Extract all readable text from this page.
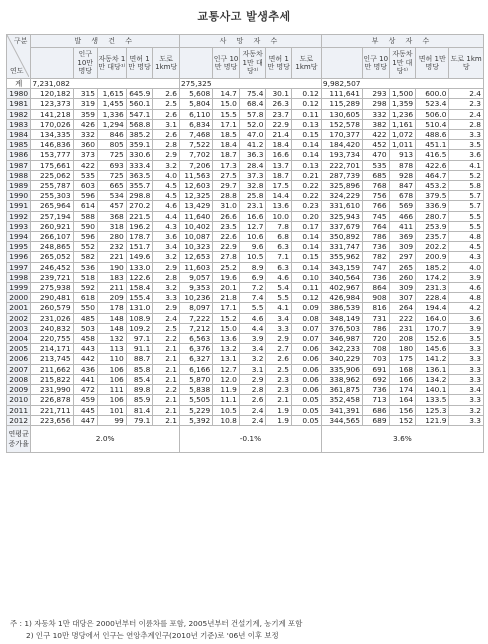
교통사고 발생추세
구분
연도	발 생 건 수					사 망 자 수					부 상 자 수				
		인구 10만 명당	자동차 1만 대당¹⁾	면허 1만 명당	도로 1km당		인구 10만 명당	자동차 1만 대당¹⁾	면허 1만 명당	도로 1km당		인구 10만 명당	자동차 1만 대당¹⁾	면허 1만 명당	도로 1km당
계	7,231,082					275,325					9,982,507				
1980	120,182	315	1,615	645.9	2.6	5,608	14.7	75.4	30.1	0.12	111,641	293	1,500	600.0	2.4
1981	123,373	319	1,455	560.1	2.5	5,804	15.0	68.4	26.3	0.12	115,289	298	1,359	523.4	2.3
1982	141,218	359	1,336	547.1	2.6	6,110	15.5	57.8	23.7	0.11	130,605	332	1,236	506.0	2.4
1983	170,026	426	1,294	568.8	3.1	6,834	17.1	52.0	22.9	0.13	152,578	382	1,161	510.4	2.8
1984	134,335	332	846	385.2	2.6	7,468	18.5	47.0	21.4	0.15	170,377	422	1,072	488.6	3.3
1985	146,836	360	805	359.1	2.8	7,522	18.4	41.2	18.4	0.14	184,420	452	1,011	451.1	3.5
1986	153,777	373	725	330.6	2.9	7,702	18.7	36.3	16.6	0.14	193,734	470	913	416.5	3.6
1987	175,661	422	693	333.4	3.2	7,206	17.3	28.4	13.7	0.13	222,701	535	878	422.6	4.1
1988	225,062	535	725	363.5	4.0	11,563	27.5	37.3	18.7	0.21	287,739	685	928	464.7	5.2
1989	255,787	603	665	355.7	4.5	12,603	29.7	32.8	17.5	0.22	325,896	768	847	453.2	5.8
1990	255,303	596	534	298.8	4.5	12,325	28.8	25.8	14.4	0.22	324,229	756	678	379.5	5.7
1991	265,964	614	457	270.2	4.6	13,429	31.0	23.1	13.6	0.23	331,610	766	569	336.9	5.7
1992	257,194	588	368	221.5	4.4	11,640	26.6	16.6	10.0	0.20	325,943	745	466	280.7	5.5
1993	260,921	590	318	196.2	4.3	10,402	23.5	12.7	7.8	0.17	337,679	764	411	253.9	5.5
1994	266,107	596	280	178.7	3.6	10,087	22.6	10.6	6.8	0.14	350,892	786	369	235.7	4.8
1995	248,865	552	232	151.7	3.4	10,323	22.9	9.6	6.3	0.14	331,747	736	309	202.2	4.5
1996	265,052	582	221	149.6	3.2	12,653	27.8	10.5	7.1	0.15	355,962	782	297	200.9	4.3
1997	246,452	536	190	133.0	2.9	11,603	25.2	8.9	6.3	0.14	343,159	747	265	185.2	4.0
1998	239,721	518	183	122.6	2.8	9,057	19.6	6.9	4.6	0.10	340,564	736	260	174.2	3.9
1999	275,938	592	211	158.4	3.2	9,353	20.1	7.2	5.4	0.11	402,967	864	309	231.3	4.6
2000	290,481	618	209	155.4	3.3	10,236	21.8	7.4	5.5	0.12	426,984	908	307	228.4	4.8
2001	260,579	550	178	131.0	2.9	8,097	17.1	5.5	4.1	0.09	386,539	816	264	194.4	4.2
2002	231,026	485	148	108.9	2.4	7,222	15.2	4.6	3.4	0.08	348,149	731	222	164.0	3.6
2003	240,832	503	148	109.2	2.5	7,212	15.0	4.4	3.3	0.07	376,503	786	231	170.7	3.9
2004	220,755	458	132	97.1	2.2	6,563	13.6	3.9	2.9	0.07	346,987	720	208	152.6	3.5
2005	214,171	443	113	91.1	2.1	6,376	13.2	3.4	2.7	0.06	342,233	708	180	145.6	3.3
2006	213,745	442	110	88.7	2.1	6,327	13.1	3.2	2.6	0.06	340,229	703	175	141.2	3.3
2007	211,662	436	106	85.8	2.1	6,166	12.7	3.1	2.5	0.06	335,906	691	168	136.1	3.3
2008	215,822	441	106	85.4	2.1	5,870	12.0	2.9	2.3	0.06	338,962	692	166	134.2	3.3
2009	231,990	472	111	89.8	2.2	5,838	11.9	2.8	2.3	0.06	361,875	736	174	140.1	3.4
2010	226,878	459	106	85.9	2.1	5,505	11.1	2.6	2.1	0.05	352,458	713	164	133.5	3.3
2011	221,711	445	101	81.4	2.1	5,229	10.5	2.4	1.9	0.05	341,391	686	156	125.3	3.2
2012	223,656	447	99	79.1	2.1	5,392	10.8	2.4	1.9	0.05	344,565	689	152	121.9	3.3
연평균 증가율	2.0%					-0.1%					3.6%				
주 : 1) 자동차 1만 대당은 2000년부터 이륜차를 포함, 2005년부터 건설기계, 농기계 포함
2) 인구 10만 명당에서 인구는 연앙추계인구(2010년 기준)로 '06년 이후 보정
